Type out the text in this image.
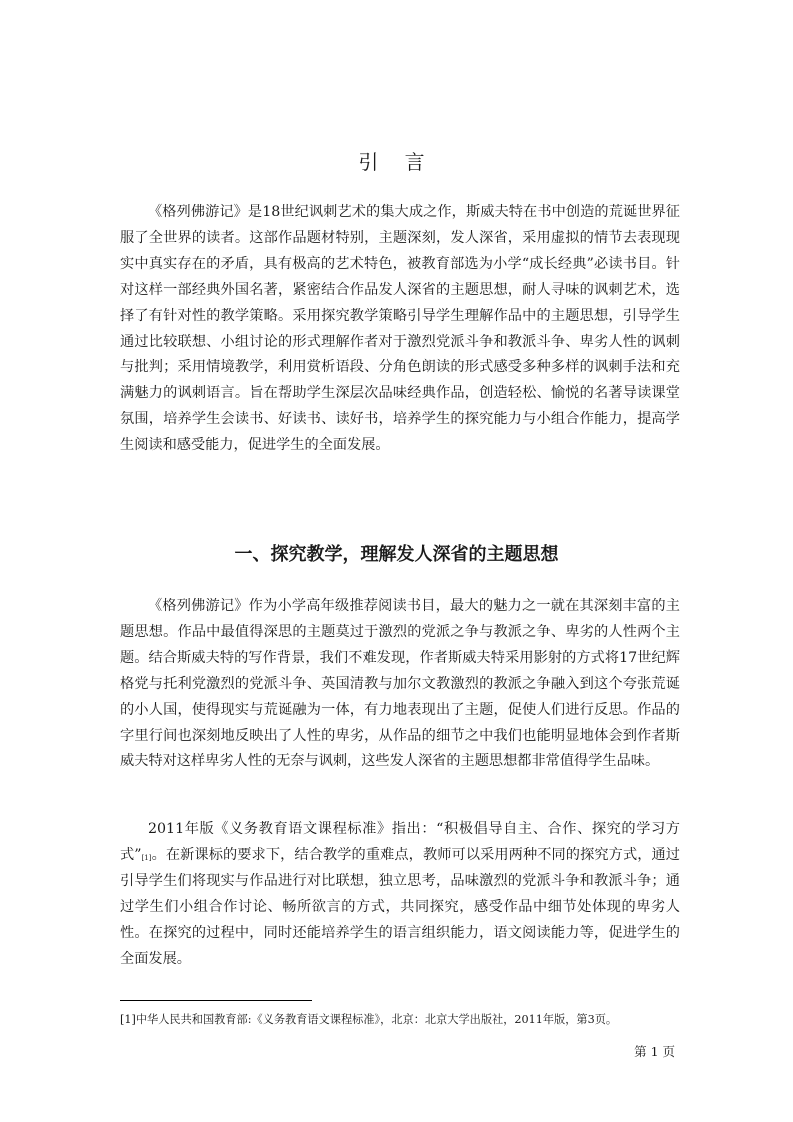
引 言

《格列佛游记》是18世纪讽刺艺术的集大成之作，斯威夫特在书中创造的荒诞世界征服了全世界的读者。这部作品题材特别，主题深刻，发人深省，采用虚拟的情节去表现现实中真实存在的矛盾，具有极高的艺术特色，被教育部选为小学“成长经典”必读书目。针对这样一部经典外国名著，紧密结合作品发人深省的主题思想，耐人寻味的讽刺艺术，选择了有针对性的教学策略。采用探究教学策略引导学生理解作品中的主题思想，引导学生通过比较联想、小组讨论的形式理解作者对于激烈党派斗争和教派斗争、卑劣人性的讽刺与批判；采用情境教学，利用赏析语段、分角色朗读的形式感受多种多样的讽刺手法和充满魅力的讽刺语言。旨在帮助学生深层次品味经典作品，创造轻松、愉悦的名著导读课堂氛围，培养学生会读书、好读书、读好书，培养学生的探究能力与小组合作能力，提高学生阅读和感受能力，促进学生的全面发展。

一、探究教学，理解发人深省的主题思想

《格列佛游记》作为小学高年级推荐阅读书目，最大的魅力之一就在其深刻丰富的主题思想。作品中最值得深思的主题莫过于激烈的党派之争与教派之争、卑劣的人性两个主题。结合斯威夫特的写作背景，我们不难发现，作者斯威夫特采用影射的方式将17世纪辉格党与托利党激烈的党派斗争、英国清教与加尔文教激烈的教派之争融入到这个夸张荒诞的小人国，使得现实与荒诞融为一体，有力地表现出了主题，促使人们进行反思。作品的字里行间也深刻地反映出了人性的卑劣，从作品的细节之中我们也能明显地体会到作者斯威夫特对这样卑劣人性的无奈与讽刺，这些发人深省的主题思想都非常值得学生品味。

2011年版《义务教育语文课程标准》指出：“积极倡导自主、合作、探究的学习方式”[1]。在新课标的要求下，结合教学的重难点，教师可以采用两种不同的探究方式，通过引导学生们将现实与作品进行对比联想，独立思考，品味激烈的党派斗争和教派斗争；通过学生们小组合作讨论、畅所欲言的方式，共同探究，感受作品中细节处体现的卑劣人性。在探究的过程中，同时还能培养学生的语言组织能力，语文阅读能力等，促进学生的全面发展。

[1]中华人民共和国教育部:《义务教育语文课程标准》，北京：北京大学出版社，2011年版，第3页。
第 1 页
